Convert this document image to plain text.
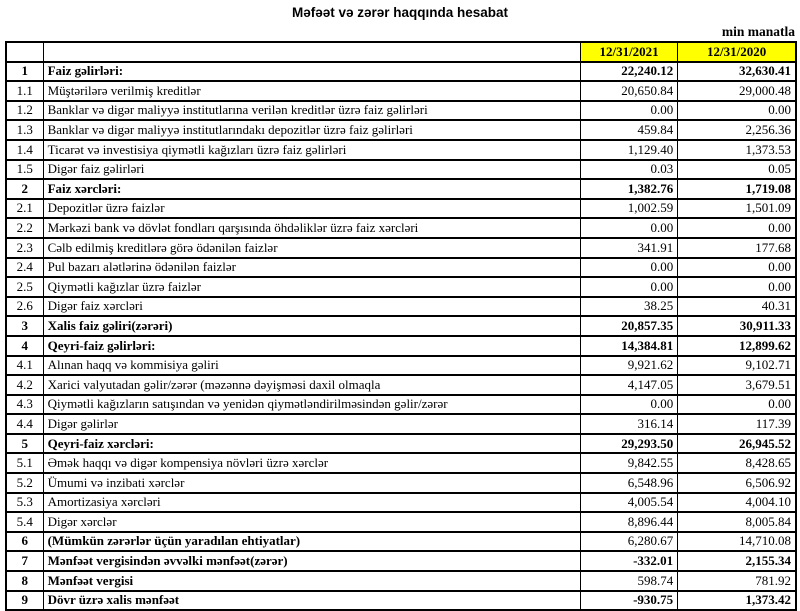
Məfəət və zərər haqqında hesabat
min manatla
		12/31/2021	12/31/2020
1	Faiz gəlirləri:	22,240.12	32,630.41
1.1	Müştərilərə verilmiş kreditlər	20,650.84	29,000.48
1.2	Banklar və digər maliyyə institutlarına verilən kreditlər üzrə faiz gəlirləri	0.00	0.00
1.3	Banklar və digər maliyyə institutlarındakı depozitlər üzrə faiz gəlirləri	459.84	2,256.36
1.4	Ticarət və investisiya qiymətli kağızları üzrə faiz gəlirləri	1,129.40	1,373.53
1.5	Digər faiz gəlirləri	0.03	0.05
2	Faiz xərcləri:	1,382.76	1,719.08
2.1	Depozitlər üzrə faizlər	1,002.59	1,501.09
2.2	Mərkəzi bank və dövlət fondları qarşısında öhdəliklər üzrə faiz xərcləri	0.00	0.00
2.3	Cəlb edilmiş kreditlərə görə ödənilən faizlər	341.91	177.68
2.4	Pul bazarı alətlərinə ödənilən faizlər	0.00	0.00
2.5	Qiymətli kağızlar üzrə faizlər	0.00	0.00
2.6	Digər faiz xərcləri	38.25	40.31
3	Xalis faiz gəliri(zərəri)	20,857.35	30,911.33
4	Qeyri-faiz gəlirləri:	14,384.81	12,899.62
4.1	Alınan haqq və kommisiya gəliri	9,921.62	9,102.71
4.2	Xarici valyutadan gəlir/zərər (məzənnə dəyişməsi daxil olmaqla	4,147.05	3,679.51
4.3	Qiymətli kağızların satışından və yenidən qiymətləndirilməsindən gəlir/zərər	0.00	0.00
4.4	Digər gəlirlər	316.14	117.39
5	Qeyri-faiz xərcləri:	29,293.50	26,945.52
5.1	Əmək haqqı və digər kompensiya növləri üzrə xərclər	9,842.55	8,428.65
5.2	Ümumi və inzibati xərclər	6,548.96	6,506.92
5.3	Amortizasiya xərcləri	4,005.54	4,004.10
5.4	Digər xərclər	8,896.44	8,005.84
6	(Mümkün zərərlər üçün yaradılan ehtiyatlar)	6,280.67	14,710.08
7	Mənfəət vergisindən əvvəlki mənfəət(zərər)	-332.01	2,155.34
8	Mənfəət vergisi	598.74	781.92
9	Dövr üzrə xalis mənfəət	-930.75	1,373.42
